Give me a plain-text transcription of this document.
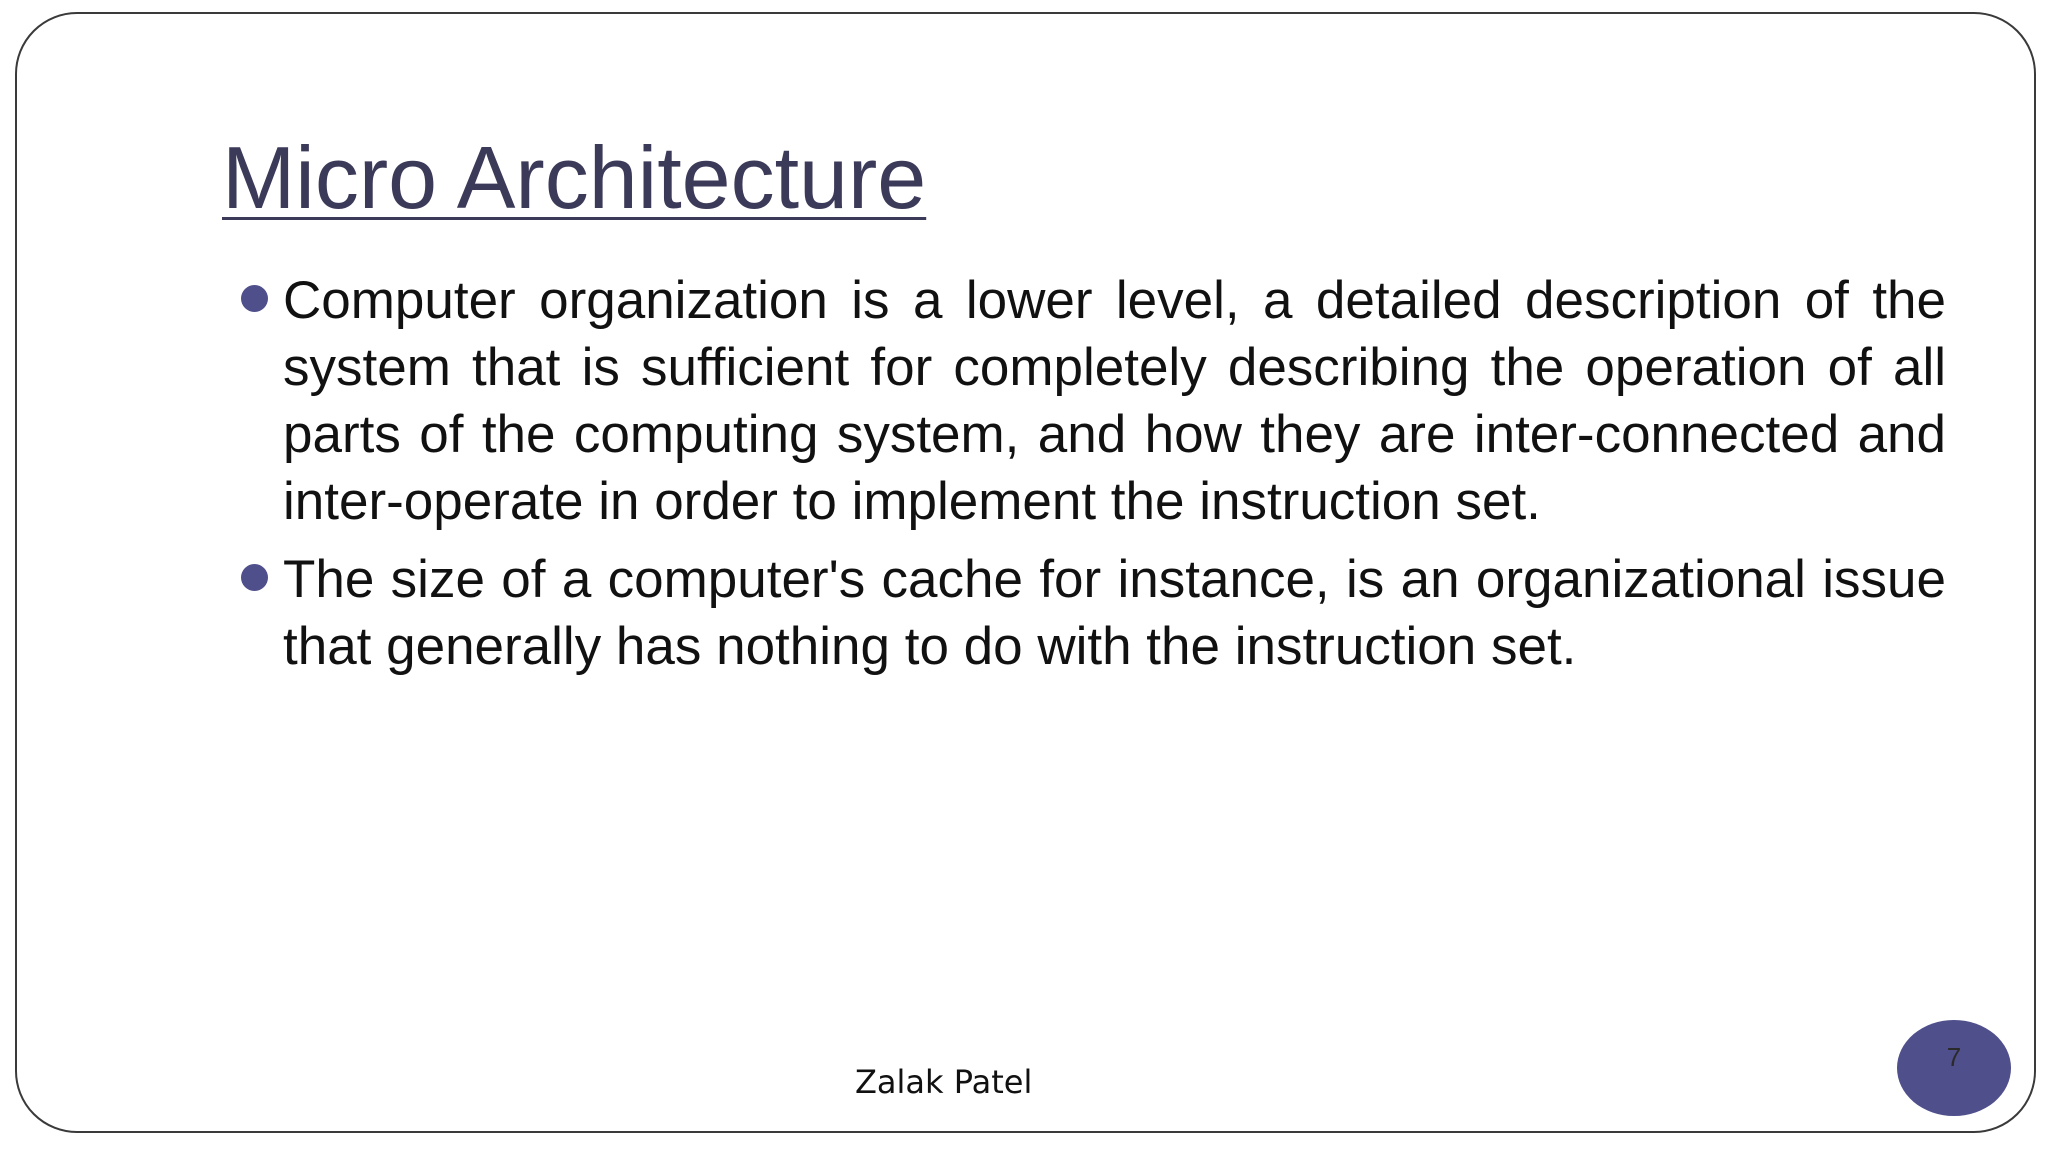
Micro Architecture
Computer organization is a lower level, a detailed description of the system that is sufficient for completely describing the operation of all parts of the computing system, and how they are inter-connected and inter-operate in order to implement the instruction set.
The size of a computer's cache for instance, is an organizational issue that generally has nothing to do with the instruction set.
Zalak Patel
7
